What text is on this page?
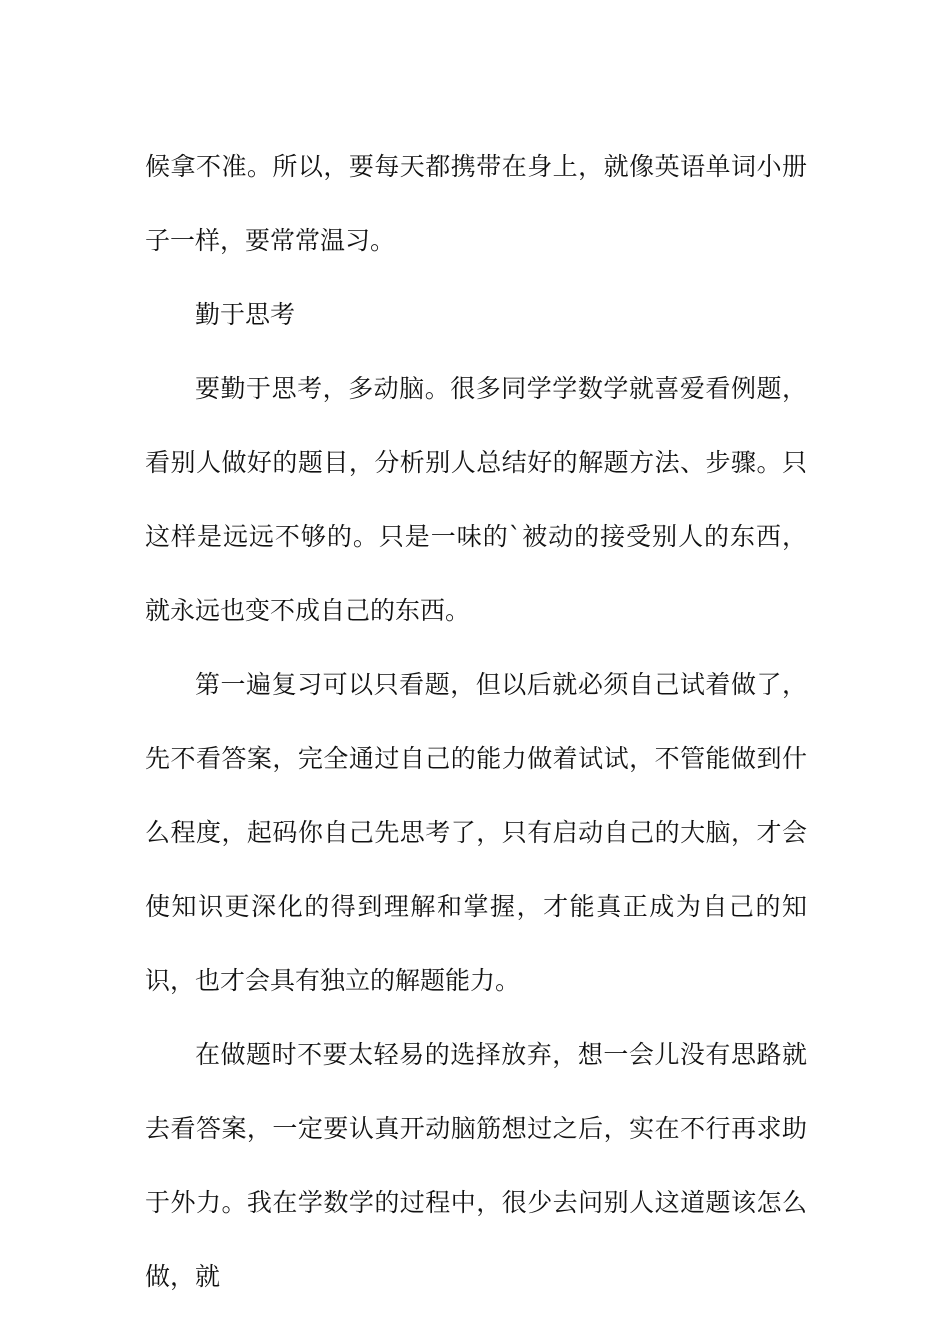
候拿不准。所以，要每天都携带在身上，就像英语单词小册子一样，要常常温习。

勤于思考

要勤于思考，多动脑。很多同学学数学就喜爱看例题，看别人做好的题目，分析别人总结好的解题方法、步骤。只这样是远远不够的。只是一味的`被动的接受别人的东西，就永远也变不成自己的东西。

第一遍复习可以只看题，但以后就必须自己试着做了，先不看答案，完全通过自己的能力做着试试，不管能做到什么程度，起码你自己先思考了，只有启动自己的大脑，才会使知识更深化的得到理解和掌握，才能真正成为自己的知识，也才会具有独立的解题能力。

在做题时不要太轻易的选择放弃，想一会儿没有思路就去看答案，一定要认真开动脑筋想过之后，实在不行再求助于外力。我在学数学的过程中，很少去问别人这道题该怎么做，就
